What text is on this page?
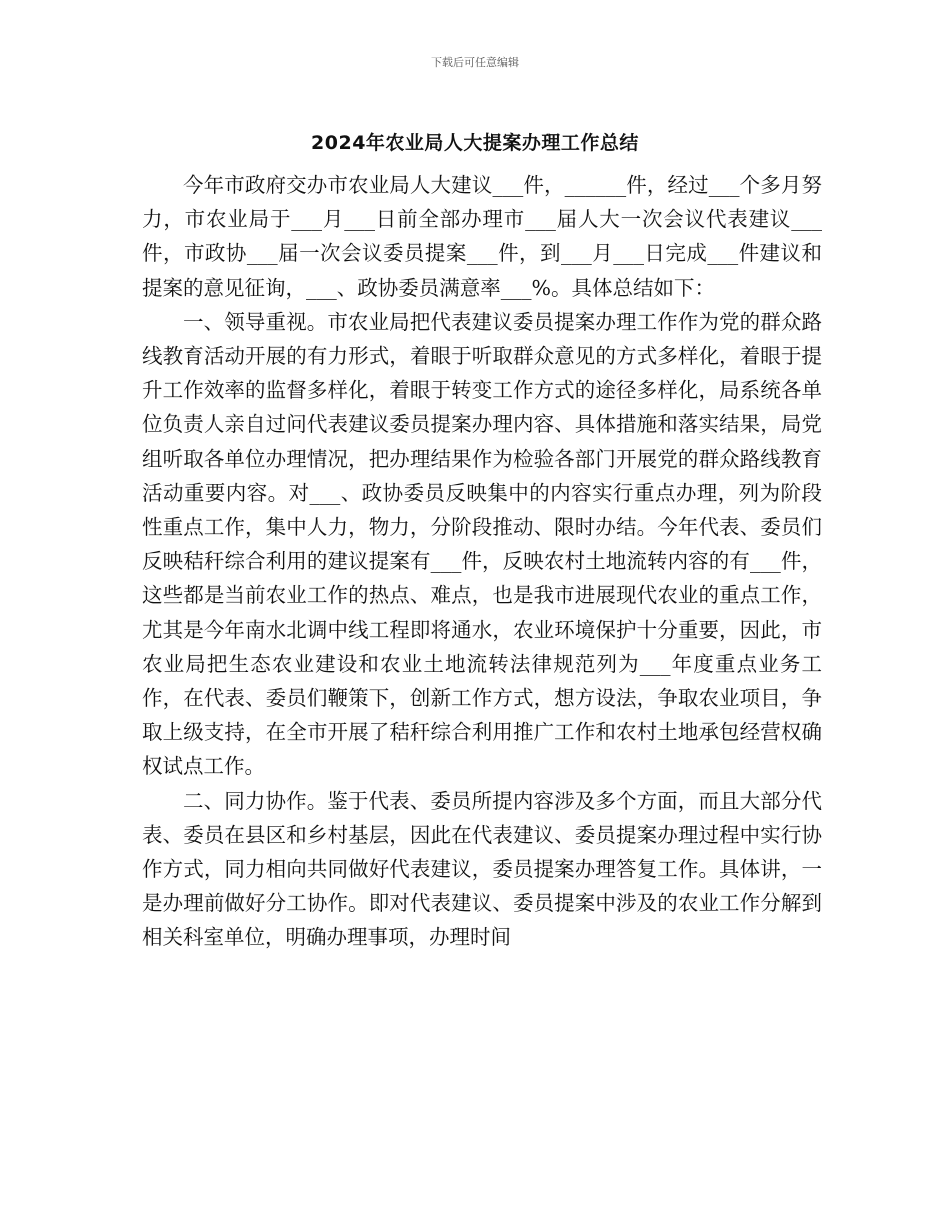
下载后可任意编辑
2024年农业局人大提案办理工作总结

今年市政府交办市农业局人大建议___件，______件，经过___个多月努力，市农业局于___月___日前全部办理市___届人大一次会议代表建议___件，市政协___届一次会议委员提案___件，到___月___日完成___件建议和提案的意见征询，___、政协委员满意率___%。具体总结如下：

一、领导重视。市农业局把代表建议委员提案办理工作作为党的群众路线教育活动开展的有力形式，着眼于听取群众意见的方式多样化，着眼于提升工作效率的监督多样化，着眼于转变工作方式的途径多样化，局系统各单位负责人亲自过问代表建议委员提案办理内容、具体措施和落实结果，局党组听取各单位办理情况，把办理结果作为检验各部门开展党的群众路线教育活动重要内容。对___、政协委员反映集中的内容实行重点办理，列为阶段性重点工作，集中人力，物力，分阶段推动、限时办结。今年代表、委员们反映秸秆综合利用的建议提案有___件，反映农村土地流转内容的有___件，这些都是当前农业工作的热点、难点，也是我市进展现代农业的重点工作，尤其是今年南水北调中线工程即将通水，农业环境保护十分重要，因此，市农业局把生态农业建设和农业土地流转法律规范列为___年度重点业务工作，在代表、委员们鞭策下，创新工作方式，想方设法，争取农业项目，争取上级支持，在全市开展了秸秆综合利用推广工作和农村土地承包经营权确权试点工作。

二、同力协作。鉴于代表、委员所提内容涉及多个方面，而且大部分代表、委员在县区和乡村基层，因此在代表建议、委员提案办理过程中实行协作方式，同力相向共同做好代表建议，委员提案办理答复工作。具体讲，一是办理前做好分工协作。即对代表建议、委员提案中涉及的农业工作分解到相关科室单位，明确办理事项，办理时间
